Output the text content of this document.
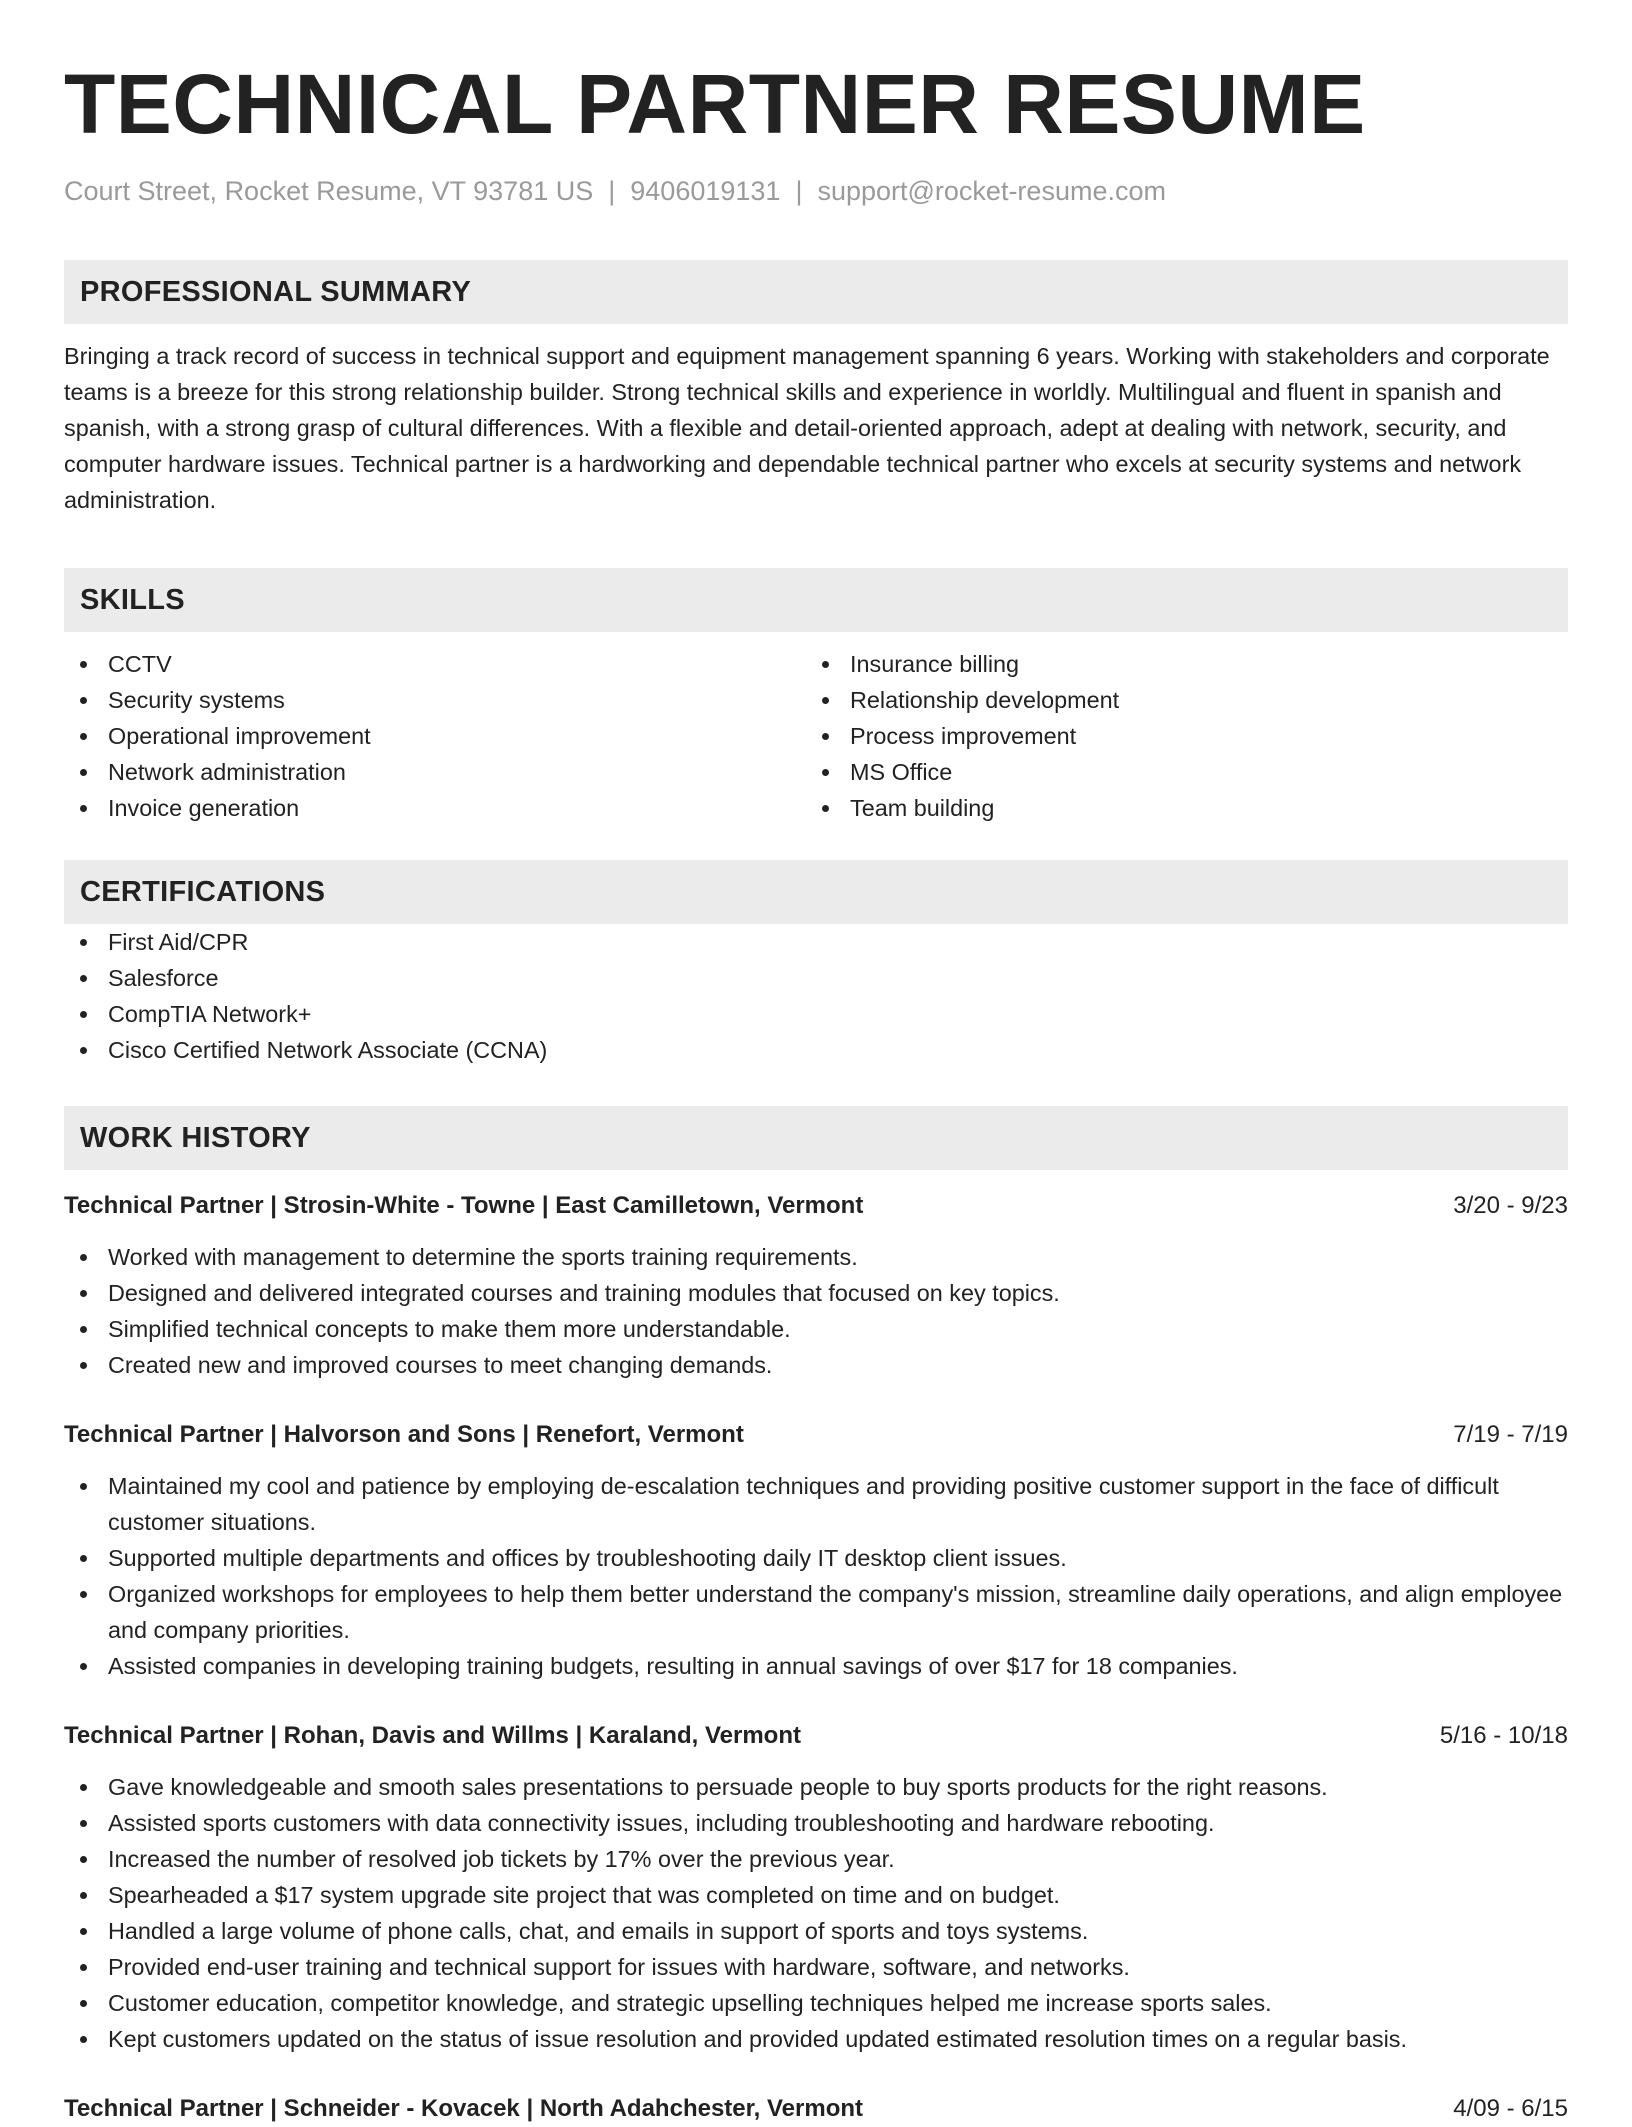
TECHNICAL PARTNER RESUME
Court Street, Rocket Resume, VT 93781 US | 9406019131 | support@rocket-resume.com
PROFESSIONAL SUMMARY
Bringing a track record of success in technical support and equipment management spanning 6 years. Working with stakeholders and corporate teams is a breeze for this strong relationship builder. Strong technical skills and experience in worldly. Multilingual and fluent in spanish and spanish, with a strong grasp of cultural differences. With a flexible and detail-oriented approach, adept at dealing with network, security, and computer hardware issues. Technical partner is a hardworking and dependable technical partner who excels at security systems and network administration.
SKILLS
CCTV
Security systems
Operational improvement
Network administration
Invoice generation
Insurance billing
Relationship development
Process improvement
MS Office
Team building
CERTIFICATIONS
First Aid/CPR
Salesforce
CompTIA Network+
Cisco Certified Network Associate (CCNA)
WORK HISTORY
Technical Partner | Strosin-White - Towne | East Camilletown, Vermont	3/20 - 9/23
Worked with management to determine the sports training requirements.
Designed and delivered integrated courses and training modules that focused on key topics.
Simplified technical concepts to make them more understandable.
Created new and improved courses to meet changing demands.
Technical Partner | Halvorson and Sons | Renefort, Vermont	7/19 - 7/19
Maintained my cool and patience by employing de-escalation techniques and providing positive customer support in the face of difficult customer situations.
Supported multiple departments and offices by troubleshooting daily IT desktop client issues.
Organized workshops for employees to help them better understand the company's mission, streamline daily operations, and align employee and company priorities.
Assisted companies in developing training budgets, resulting in annual savings of over $17 for 18 companies.
Technical Partner | Rohan, Davis and Willms | Karaland, Vermont	5/16 - 10/18
Gave knowledgeable and smooth sales presentations to persuade people to buy sports products for the right reasons.
Assisted sports customers with data connectivity issues, including troubleshooting and hardware rebooting.
Increased the number of resolved job tickets by 17% over the previous year.
Spearheaded a $17 system upgrade site project that was completed on time and on budget.
Handled a large volume of phone calls, chat, and emails in support of sports and toys systems.
Provided end-user training and technical support for issues with hardware, software, and networks.
Customer education, competitor knowledge, and strategic upselling techniques helped me increase sports sales.
Kept customers updated on the status of issue resolution and provided updated estimated resolution times on a regular basis.
Technical Partner | Schneider - Kovacek | North Adahchester, Vermont	4/09 - 6/15
